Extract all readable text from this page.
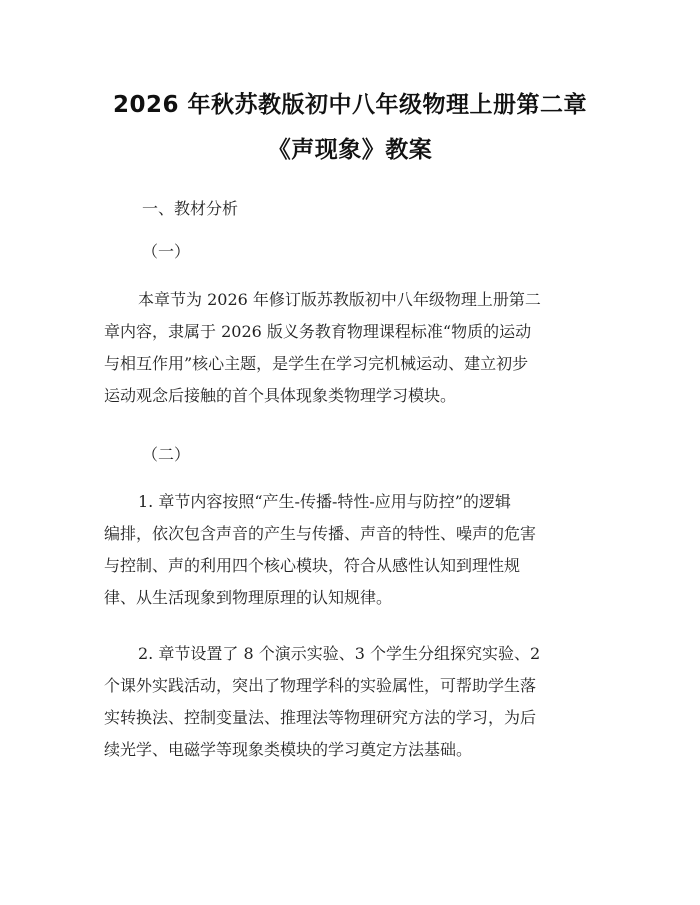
2026 年秋苏教版初中八年级物理上册第二章
《声现象》教案
一、教材分析
（一）
本章节为 2026 年修订版苏教版初中八年级物理上册第二
章内容，隶属于 2026 版义务教育物理课程标准“物质的运动
与相互作用”核心主题，是学生在学习完机械运动、建立初步
运动观念后接触的首个具体现象类物理学习模块。
（二）
1. 章节内容按照“产生-传播-特性-应用与防控”的逻辑
编排，依次包含声音的产生与传播、声音的特性、噪声的危害
与控制、声的利用四个核心模块，符合从感性认知到理性规
律、从生活现象到物理原理的认知规律。
2. 章节设置了 8 个演示实验、3 个学生分组探究实验、2
个课外实践活动，突出了物理学科的实验属性，可帮助学生落
实转换法、控制变量法、推理法等物理研究方法的学习，为后
续光学、电磁学等现象类模块的学习奠定方法基础。
